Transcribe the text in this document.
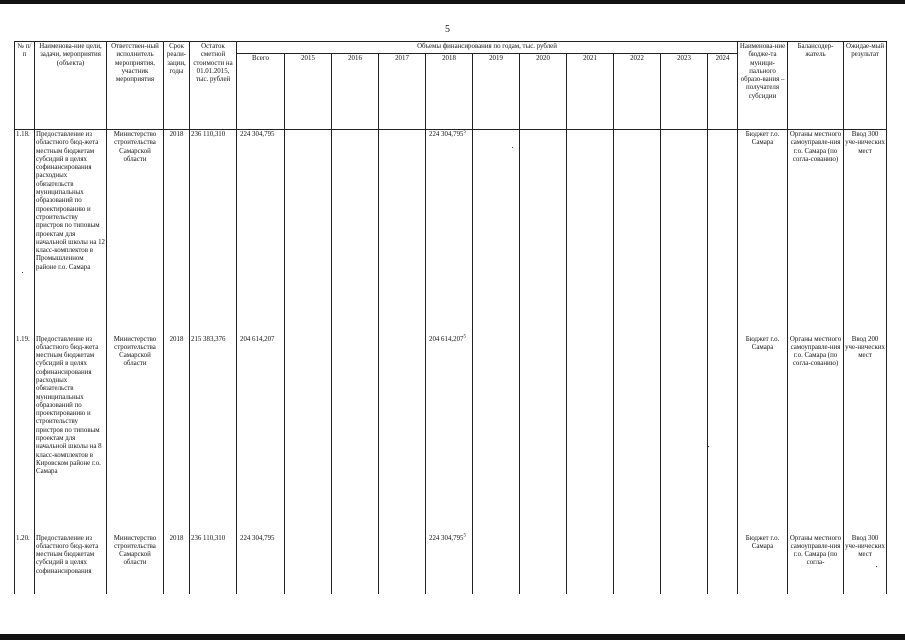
5
№ п/п	Наименова-ние цели, задачи, мероприятия (объекта)	Ответствен-ный исполнитель мероприятия, участник мероприятия	Срок реали-зации, годы	Остаток сметной стоимости на 01.01.2015, тыс. рублей	Объемы финансирования по годам, тыс. рублей											Наименова-ние бюдже-та муници-пального образо-вания – получателя субсидии	Балансодер-жатель	Ожидае-мый результат
					Всего	2015	2016	2017	2018	2019	2020	2021	2022	2023	2024			
1.18.	Предоставление из областного бюд-жета местным бюджетам субсидий в целях софинансирования расходных обязательств муниципальных образований по проектированию и строительству пристроя по типовым проектам для начальной школы на 12 класс-комплектов в Промышленном районе г.о. Самара	Министерство строительства Самарской области	2018	236 110,310	224 304,795				224 304,795$^5$							Бюджет г.о. Самара	Органы местного самоуправле-ния г.о. Самара (по согла-сованию)	Ввод 300 уче-нических мест
1.19.	Предоставление из областного бюд-жета местным бюджетам субсидий в целях софинансирования расходных обязательств муниципальных образований по проектированию и строительству пристроя по типовым проектам для начальной школы на 8 класс-комплектов в Кировском районе г.о. Самара	Министерство строительства Самарской области	2018	215 383,376	204 614,207				204 614,207$^5$							Бюджет г.о. Самара	Органы местного самоуправле-ния г.о. Самара (по согла-сованию)	Ввод 200 уче-нических мест
1.20.	Предоставление из областного бюд-жета местным бюджетам субсидий в целях софинансирования	Министерство строительства Самарской области	2018	236 110,310	224 304,795				224 304,795$^5$							Бюджет г.о. Самара	Органы местного самоуправле-ния г.о. Самара (по согла-	Ввод 300 уче-нических мест
